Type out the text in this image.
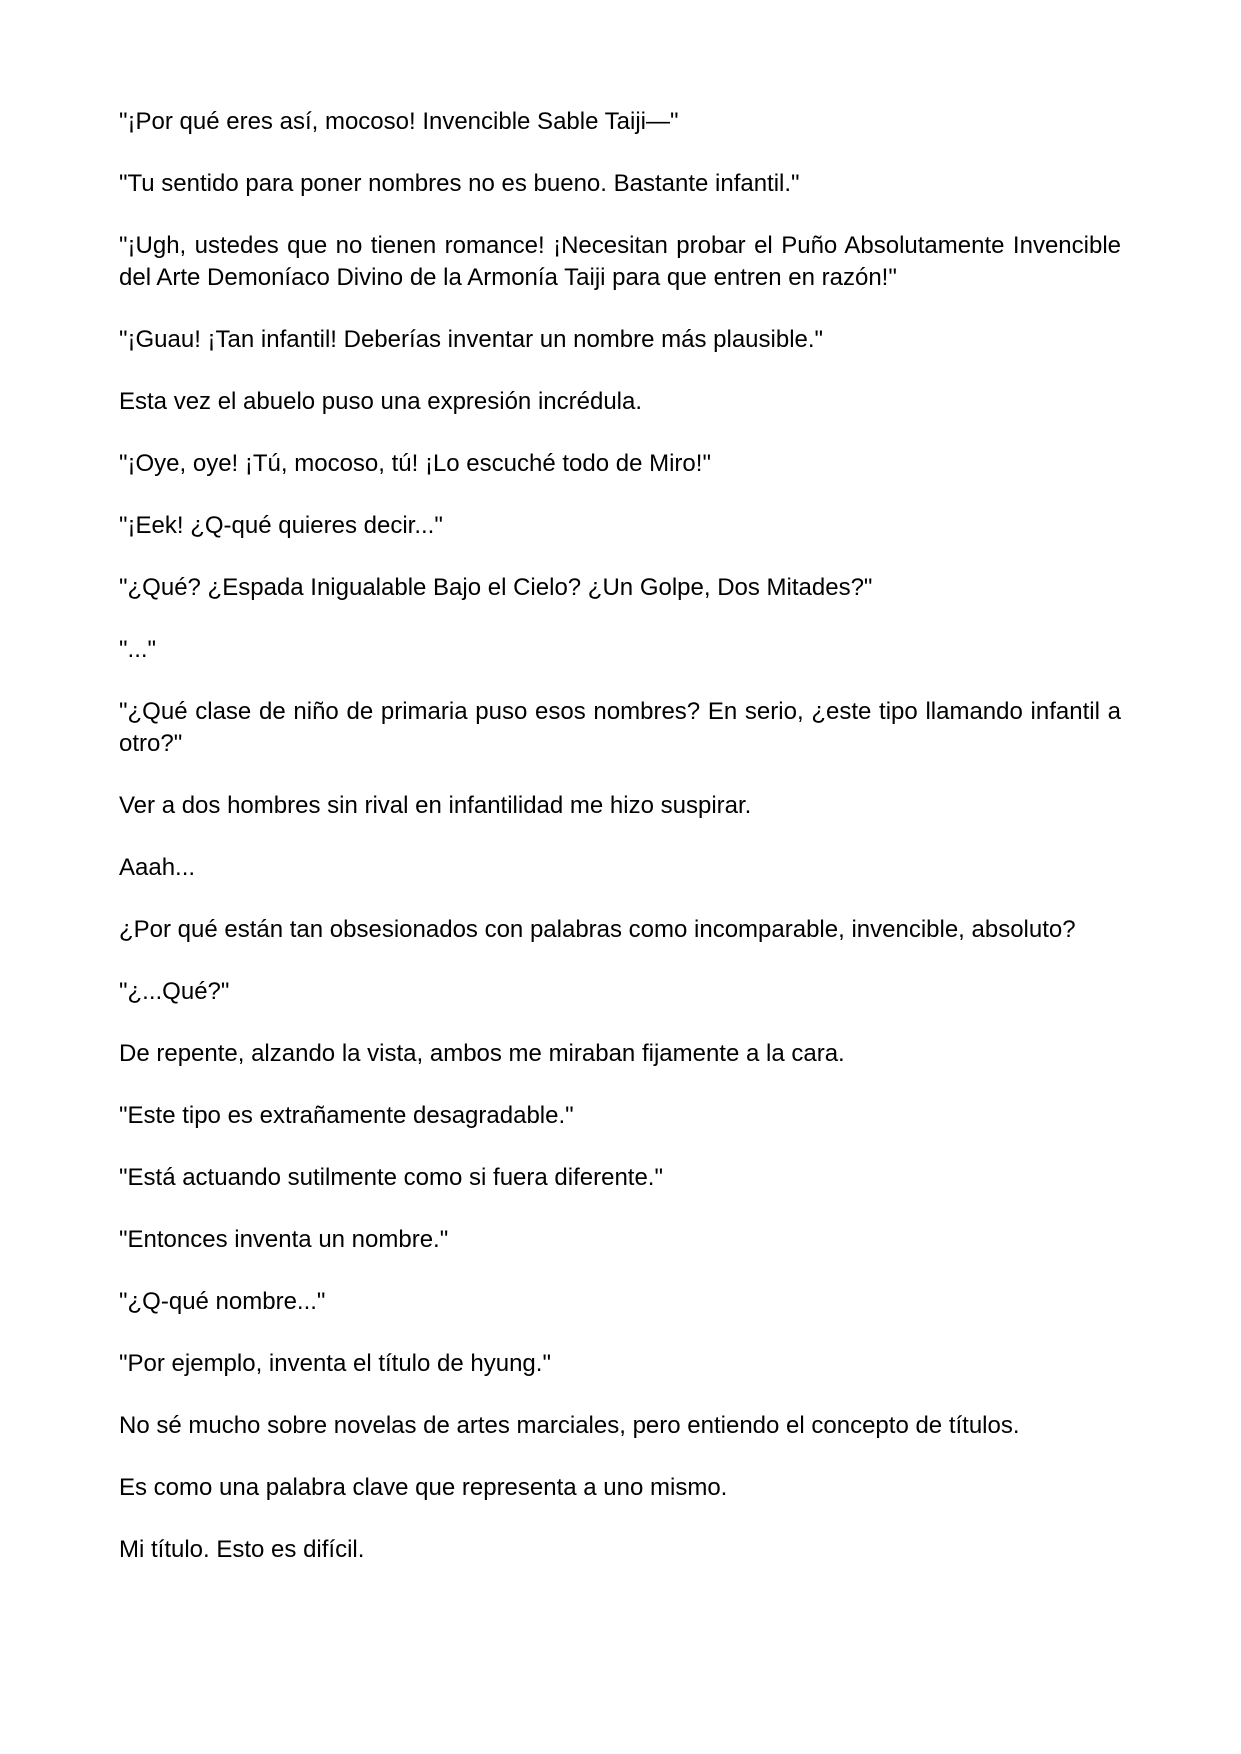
"¡Por qué eres así, mocoso! Invencible Sable Taiji—"

"Tu sentido para poner nombres no es bueno. Bastante infantil."

"¡Ugh, ustedes que no tienen romance! ¡Necesitan probar el Puño Absolutamente Invencible del Arte Demoníaco Divino de la Armonía Taiji para que entren en razón!"

"¡Guau! ¡Tan infantil! Deberías inventar un nombre más plausible."

Esta vez el abuelo puso una expresión incrédula.

"¡Oye, oye! ¡Tú, mocoso, tú! ¡Lo escuché todo de Miro!"

"¡Eek! ¿Q-qué quieres decir..."

"¿Qué? ¿Espada Inigualable Bajo el Cielo? ¿Un Golpe, Dos Mitades?"

"..."

"¿Qué clase de niño de primaria puso esos nombres? En serio, ¿este tipo llamando infantil a otro?"

Ver a dos hombres sin rival en infantilidad me hizo suspirar.

Aaah...

¿Por qué están tan obsesionados con palabras como incomparable, invencible, absoluto?

"¿...Qué?"

De repente, alzando la vista, ambos me miraban fijamente a la cara.

"Este tipo es extrañamente desagradable."

"Está actuando sutilmente como si fuera diferente."

"Entonces inventa un nombre."

"¿Q-qué nombre..."

"Por ejemplo, inventa el título de hyung."

No sé mucho sobre novelas de artes marciales, pero entiendo el concepto de títulos.

Es como una palabra clave que representa a uno mismo.

Mi título. Esto es difícil.
